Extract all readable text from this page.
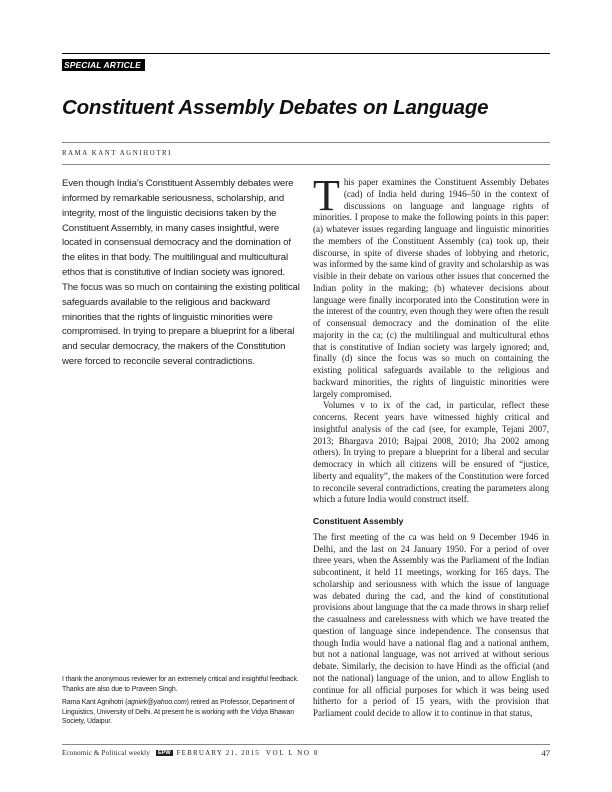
SPECIAL ARTICLE
Constituent Assembly Debates on Language
RAMA KANT AGNIHOTRI

Even though India’s Constituent Assembly debates were informed by remarkable seriousness, scholarship, and integrity, most of the linguistic decisions taken by the Constituent Assembly, in many cases insightful, were located in consensual democracy and the domination of the elites in that body. The multilingual and multicultural ethos that is constitutive of Indian society was ignored. The focus was so much on containing the existing political safeguards available to the religious and backward minorities that the rights of linguistic minorities were compromised. In trying to prepare a blueprint for a liberal and secular democracy, the makers of the Constitution were forced to reconcile several contradictions.

I thank the anonymous reviewer for an extremely critical and insightful feedback. Thanks are also due to Praveen Singh.

Rama Kant Agnihotri (agniirk@yahoo.com) retired as Professor, Department of Linguistics, University of Delhi. At present he is working with the Vidya Bhawan Society, Udaipur.

This paper examines the Constituent Assembly Debates (cad) of India held during 1946–50 in the context of discussions on language and language rights of minorities. I propose to make the following points in this paper: (a) whatever issues regarding language and linguistic minorities the members of the Constituent Assembly (ca) took up, their discourse, in spite of diverse shades of lobbying and rhetoric, was informed by the same kind of gravity and scholarship as was visible in their debate on various other issues that concerned the Indian polity in the making; (b) whatever decisions about language were finally incorporated into the Constitution were in the interest of the country, even though they were often the result of consensual democracy and the domination of the elite majority in the ca; (c) the multilingual and multicultural ethos that is constitutive of Indian society was largely ignored; and, finally (d) since the focus was so much on containing the existing political safeguards available to the religious and backward minorities, the rights of linguistic minorities were largely compromised.

Volumes v to ix of the cad, in particular, reflect these concerns. Recent years have witnessed highly critical and insightful analysis of the cad (see, for example, Tejani 2007, 2013; Bhargava 2010; Bajpai 2008, 2010; Jha 2002 among others). In trying to prepare a blueprint for a liberal and secular democracy in which all citizens will be ensured of “justice, liberty and equality”, the makers of the Constitution were forced to reconcile several contradictions, creating the parameters along which a future India would construct itself.

Constituent Assembly

The first meeting of the ca was held on 9 December 1946 in Delhi, and the last on 24 January 1950. For a period of over three years, when the Assembly was the Parliament of the Indian subcontinent, it held 11 meetings, working for 165 days. The scholarship and seriousness with which the issue of language was debated during the cad, and the kind of constitutional provisions about language that the ca made throws in sharp relief the casualness and carelessness with which we have treated the question of language since independence. The consensus that though India would have a national flag and a national anthem, but not a national language, was not arrived at without serious debate. Similarly, the decision to have Hindi as the official (and not the national) language of the union, and to allow English to continue for all official purposes for which it was being used hitherto for a period of 15 years, with the provision that Parliament could decide to allow it to continue in that status,

Economic & Political weekly EPW FEBRUARY 21, 2015 VOL L NO 8	47
